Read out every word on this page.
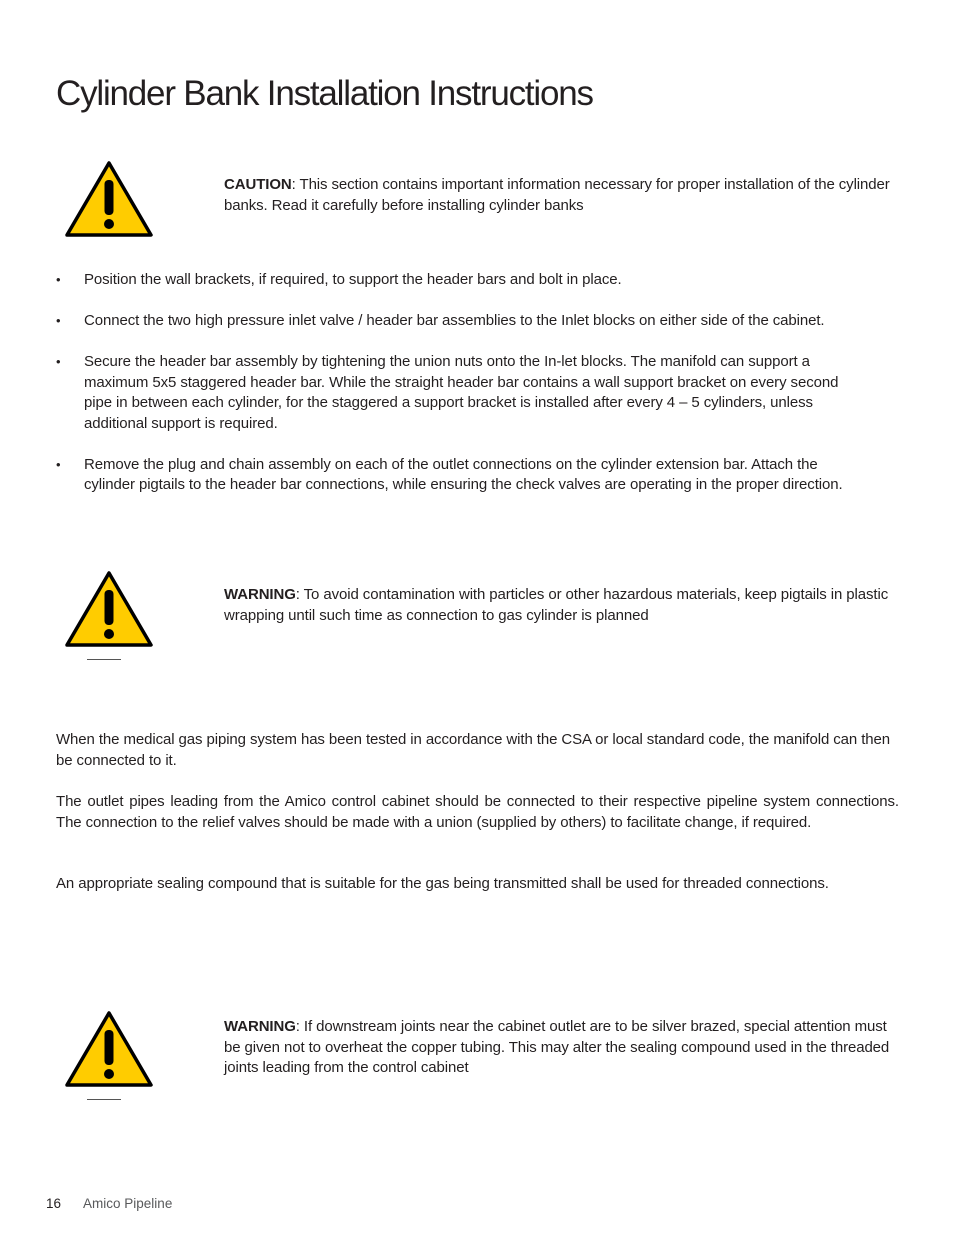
Cylinder Bank Installation Instructions

CAUTION: This section contains important information necessary for proper installation of the cylinder banks. Read it carefully before installing cylinder banks

•	Position the wall brackets, if required, to support the header bars and bolt in place.
•	Connect the two high pressure inlet valve / header bar assemblies to the Inlet blocks on either side of the cabinet.
•	Secure the header bar assembly by tightening the union nuts onto the In-let blocks. The manifold can support a maximum 5x5 staggered header bar. While the straight header bar contains a wall support bracket on every second pipe in between each cylinder, for the staggered a support bracket is installed after every 4 – 5 cylinders, unless additional support is required.
•	Remove the plug and chain assembly on each of the outlet connections on the cylinder extension bar. Attach the cylinder pigtails to the header bar connections, while ensuring the check valves are operating in the proper direction.

WARNING: To avoid contamination with particles or other hazardous materials, keep pigtails in plastic wrapping until such time as connection to gas cylinder is planned

When the medical gas piping system has been tested in accordance with the CSA or local standard code, the manifold can then be connected to it.

The outlet pipes leading from the Amico control cabinet should be connected to their respective pipeline system connections. The connection to the relief valves should be made with a union (supplied by others) to facilitate change, if required.

An appropriate sealing compound that is suitable for the gas being transmitted shall be used for threaded connections.

WARNING: If downstream joints near the cabinet outlet are to be silver brazed, special attention must be given not to overheat the copper tubing. This may alter the sealing compound used in the threaded joints leading from the control cabinet

16 Amico Pipeline
